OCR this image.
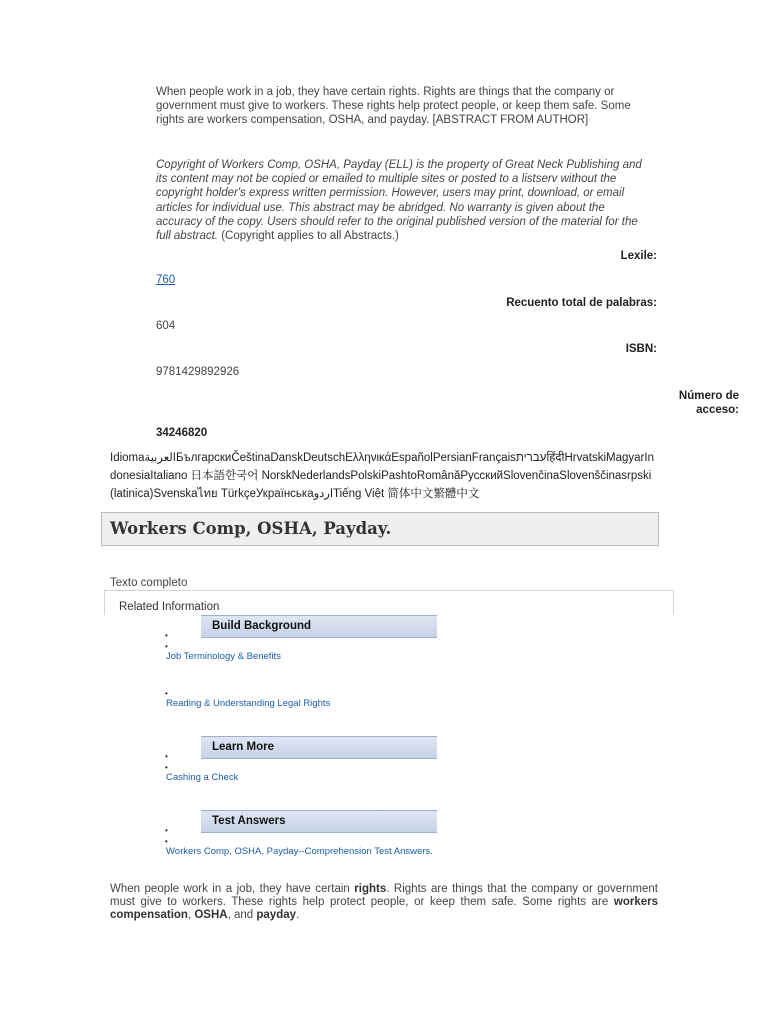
When people work in a job, they have certain rights. Rights are things that the company or government must give to workers. These rights help protect people, or keep them safe. Some rights are workers compensation, OSHA, and payday. [ABSTRACT FROM AUTHOR]
Copyright of Workers Comp, OSHA, Payday (ELL) is the property of Great Neck Publishing and its content may not be copied or emailed to multiple sites or posted to a listserv without the copyright holder's express written permission. However, users may print, download, or email articles for individual use. This abstract may be abridged. No warranty is given about the accuracy of the copy. Users should refer to the original published version of the material for the full abstract. (Copyright applies to all Abstracts.)
Lexile:
760
Recuento total de palabras:
604
ISBN:
9781429892926
Número de
acceso:
34246820
IdiomaالعربيةБългарскиČeštinaDanskDeutschΕλληνικάEspañolPersianFrançaisעבריתहिंदीHrvatskiMagyarIndonesiaItaliano 日本語한국어 NorskNederlandsPolskiPashtoRomânăPусскийSlovenčinaSlovenščinasrpski (latinica)Svenskaไทย TürkçeУкраїнськаاردوTiếng Việt 简体中文繁體中文
Workers Comp, OSHA, Payday.
Texto completo
Related Information
Build Background
•
•
Job Terminology & Benefits
•
Reading & Understanding Legal Rights
Learn More
•
•
Cashing a Check
Test Answers
•
•
Workers Comp, OSHA, Payday--Comprehension Test Answers.
When people work in a job, they have certain rights. Rights are things that the company or government must give to workers. These rights help protect people, or keep them safe. Some rights are workers compensation, OSHA, and payday.
